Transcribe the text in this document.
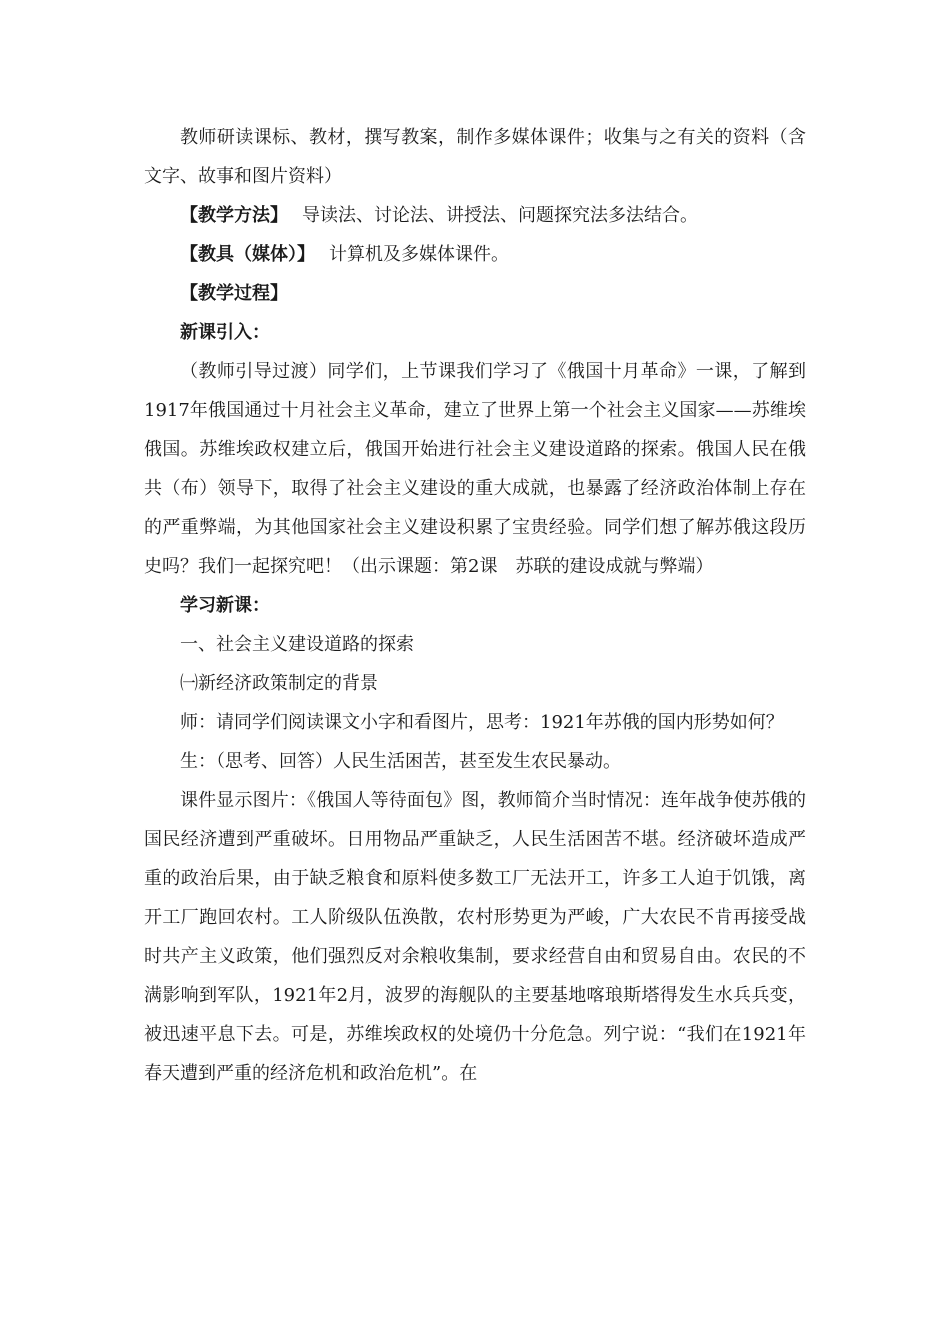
教师研读课标、教材，撰写教案，制作多媒体课件；收集与之有关的资料（含文字、故事和图片资料）

【教学方法】 导读法、讨论法、讲授法、问题探究法多法结合。

【教具（媒体）】 计算机及多媒体课件。

【教学过程】

新课引入：

（教师引导过渡）同学们，上节课我们学习了《俄国十月革命》一课，了解到1917年俄国通过十月社会主义革命，建立了世界上第一个社会主义国家——苏维埃俄国。苏维埃政权建立后，俄国开始进行社会主义建设道路的探索。俄国人民在俄共（布）领导下，取得了社会主义建设的重大成就，也暴露了经济政治体制上存在的严重弊端，为其他国家社会主义建设积累了宝贵经验。同学们想了解苏俄这段历史吗？我们一起探究吧！（出示课题：第2课　苏联的建设成就与弊端）

学习新课：

一、社会主义建设道路的探索

㈠新经济政策制定的背景

师：请同学们阅读课文小字和看图片，思考：1921年苏俄的国内形势如何？

生：（思考、回答）人民生活困苦，甚至发生农民暴动。

课件显示图片：《俄国人等待面包》图，教师简介当时情况：连年战争使苏俄的国民经济遭到严重破坏。日用物品严重缺乏，人民生活困苦不堪。经济破坏造成严重的政治后果，由于缺乏粮食和原料使多数工厂无法开工，许多工人迫于饥饿，离开工厂跑回农村。工人阶级队伍涣散，农村形势更为严峻，广大农民不肯再接受战时共产主义政策，他们强烈反对余粮收集制，要求经营自由和贸易自由。农民的不满影响到军队，1921年2月，波罗的海舰队的主要基地喀琅斯塔得发生水兵兵变，被迅速平息下去。可是，苏维埃政权的处境仍十分危急。列宁说：“我们在1921年春天遭到严重的经济危机和政治危机”。在
